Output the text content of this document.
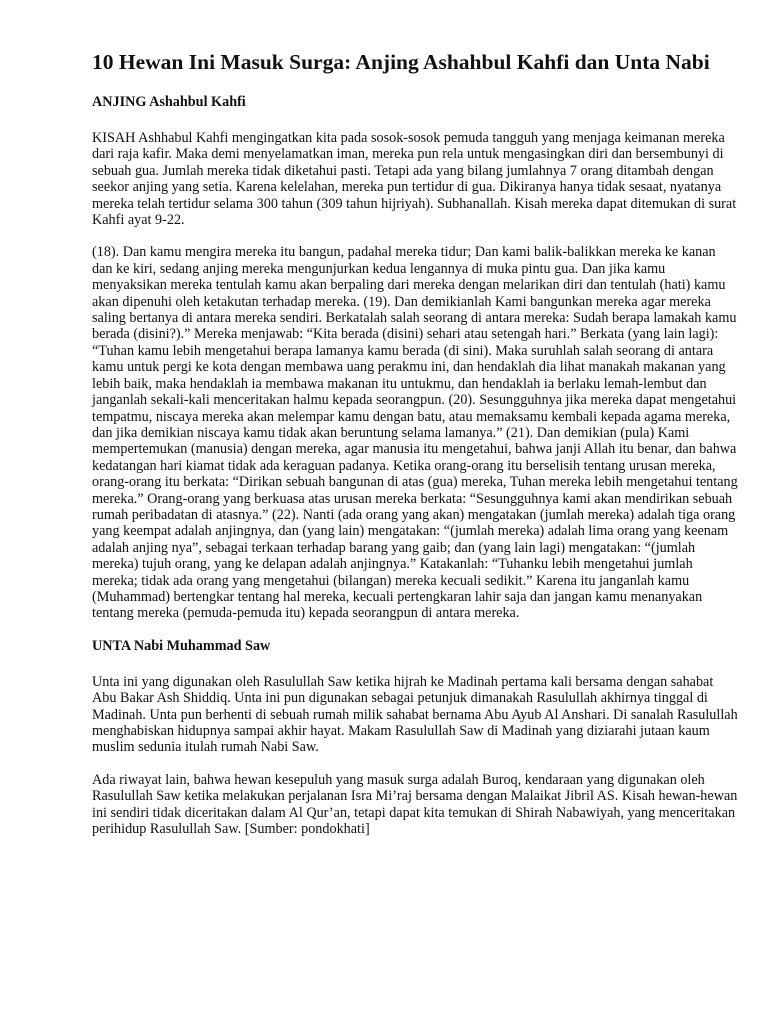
10 Hewan Ini Masuk Surga: Anjing Ashahbul Kahfi dan Unta Nabi
ANJING Ashahbul Kahfi

KISAH Ashhabul Kahfi mengingatkan kita pada sosok-sosok pemuda tangguh yang menjaga keimanan mereka dari raja kafir. Maka demi menyelamatkan iman, mereka pun rela untuk mengasingkan diri dan bersembunyi di sebuah gua. Jumlah mereka tidak diketahui pasti. Tetapi ada yang bilang jumlahnya 7 orang ditambah dengan seekor anjing yang setia. Karena kelelahan, mereka pun tertidur di gua. Dikiranya hanya tidak sesaat, nyatanya mereka telah tertidur selama 300 tahun (309 tahun hijriyah). Subhanallah. Kisah mereka dapat ditemukan di surat Kahfi ayat 9-22.

(18). Dan kamu mengira mereka itu bangun, padahal mereka tidur; Dan kami balik-balikkan mereka ke kanan dan ke kiri, sedang anjing mereka mengunjurkan kedua lengannya di muka pintu gua. Dan jika kamu menyaksikan mereka tentulah kamu akan berpaling dari mereka dengan melarikan diri dan tentulah (hati) kamu akan dipenuhi oleh ketakutan terhadap mereka. (19). Dan demikianlah Kami bangunkan mereka agar mereka saling bertanya di antara mereka sendiri. Berkatalah salah seorang di antara mereka: Sudah berapa lamakah kamu berada (disini?).” Mereka menjawab: “Kita berada (disini) sehari atau setengah hari.” Berkata (yang lain lagi): “Tuhan kamu lebih mengetahui berapa lamanya kamu berada (di sini). Maka suruhlah salah seorang di antara kamu untuk pergi ke kota dengan membawa uang perakmu ini, dan hendaklah dia lihat manakah makanan yang lebih baik, maka hendaklah ia membawa makanan itu untukmu, dan hendaklah ia berlaku lemah-lembut dan janganlah sekali-kali menceritakan halmu kepada seorangpun. (20). Sesungguhnya jika mereka dapat mengetahui tempatmu, niscaya mereka akan melempar kamu dengan batu, atau memaksamu kembali kepada agama mereka, dan jika demikian niscaya kamu tidak akan beruntung selama lamanya.” (21). Dan demikian (pula) Kami mempertemukan (manusia) dengan mereka, agar manusia itu mengetahui, bahwa janji Allah itu benar, dan bahwa kedatangan hari kiamat tidak ada keraguan padanya. Ketika orang-orang itu berselisih tentang urusan mereka, orang-orang itu berkata: “Dirikan sebuah bangunan di atas (gua) mereka, Tuhan mereka lebih mengetahui tentang mereka.” Orang-orang yang berkuasa atas urusan mereka berkata: “Sesungguhnya kami akan mendirikan sebuah rumah peribadatan di atasnya.” (22). Nanti (ada orang yang akan) mengatakan (jumlah mereka) adalah tiga orang yang keempat adalah anjingnya, dan (yang lain) mengatakan: “(jumlah mereka) adalah lima orang yang keenam adalah anjing nya”, sebagai terkaan terhadap barang yang gaib; dan (yang lain lagi) mengatakan: “(jumlah mereka) tujuh orang, yang ke delapan adalah anjingnya.” Katakanlah: “Tuhanku lebih mengetahui jumlah mereka; tidak ada orang yang mengetahui (bilangan) mereka kecuali sedikit.” Karena itu janganlah kamu (Muhammad) bertengkar tentang hal mereka, kecuali pertengkaran lahir saja dan jangan kamu menanyakan tentang mereka (pemuda-pemuda itu) kepada seorangpun di antara mereka.

UNTA Nabi Muhammad Saw

Unta ini yang digunakan oleh Rasulullah Saw ketika hijrah ke Madinah pertama kali bersama dengan sahabat Abu Bakar Ash Shiddiq. Unta ini pun digunakan sebagai petunjuk dimanakah Rasulullah akhirnya tinggal di Madinah. Unta pun berhenti di sebuah rumah milik sahabat bernama Abu Ayub Al Anshari. Di sanalah Rasulullah menghabiskan hidupnya sampai akhir hayat. Makam Rasulullah Saw di Madinah yang diziarahi jutaan kaum muslim sedunia itulah rumah Nabi Saw.

Ada riwayat lain, bahwa hewan kesepuluh yang masuk surga adalah Buroq, kendaraan yang digunakan oleh Rasulullah Saw ketika melakukan perjalanan Isra Mi’raj bersama dengan Malaikat Jibril AS. Kisah hewan-hewan ini sendiri tidak diceritakan dalam Al Qur’an, tetapi dapat kita temukan di Shirah Nabawiyah, yang menceritakan perihidup Rasulullah Saw. [Sumber: pondokhati]
